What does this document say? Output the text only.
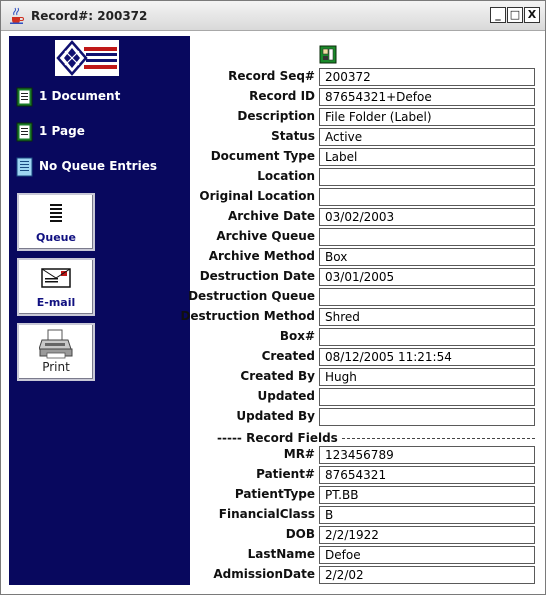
Record#: 200372	_ □ X
1 Document
1 Page
No Queue Entries
Queue
E-mail
Print
Record Seq# 200372
Record ID 87654321+Defoe
Description File Folder (Label)
Status Active
Document Type Label
Location
Original Location
Archive Date 03/02/2003
Archive Queue
Archive Method Box
Destruction Date 03/01/2005
Destruction Queue
Destruction Method Shred
Box#
Created 08/12/2005 11:21:54
Created By Hugh
Updated
Updated By
----- Record Fields
MR# 123456789
Patient# 87654321
PatientType PT.BB
FinancialClass B
DOB 2/2/1922
LastName Defoe
AdmissionDate 2/2/02
